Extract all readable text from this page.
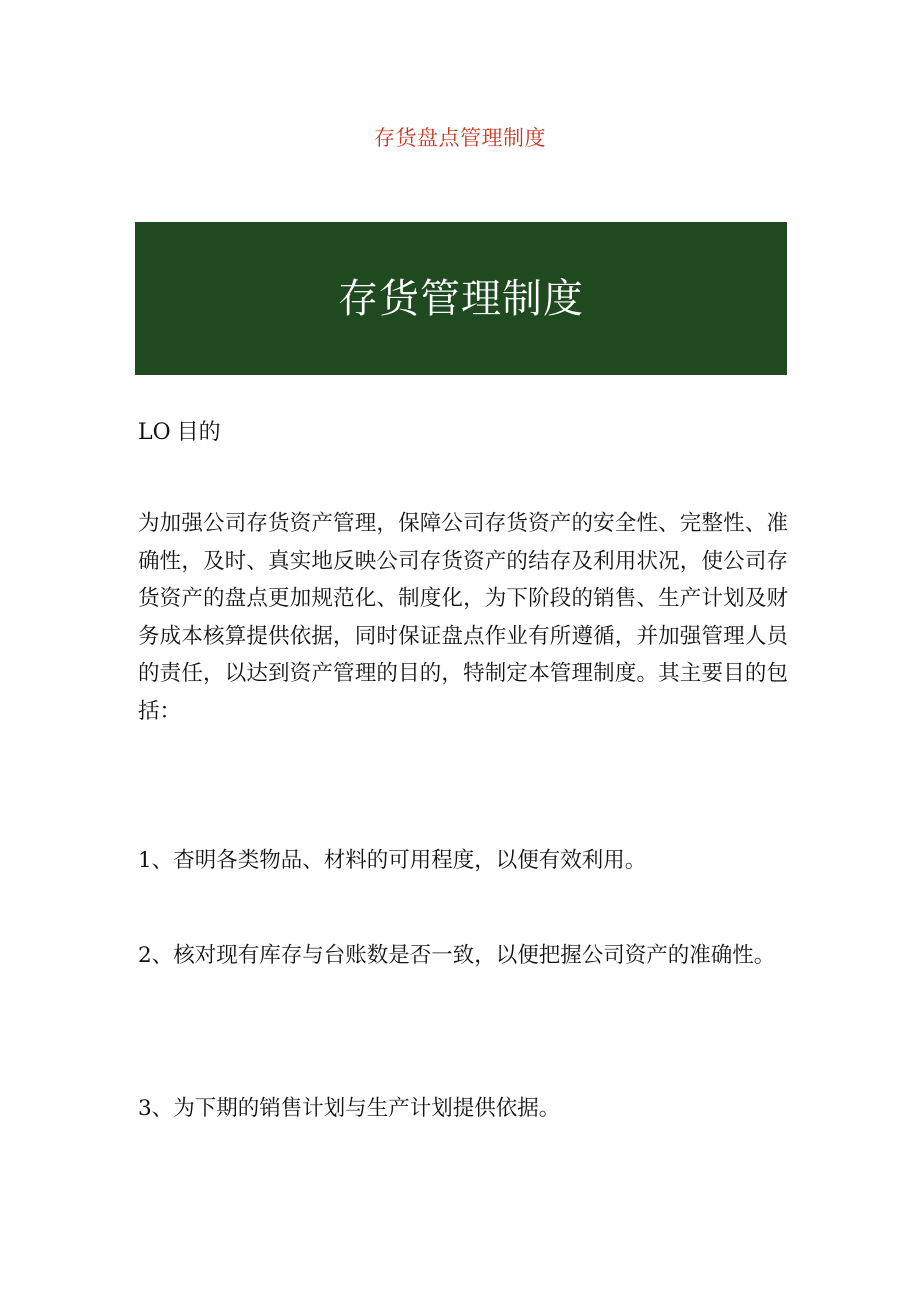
存货盘点管理制度
存货管理制度
LO 目的

为加强公司存货资产管理，保障公司存货资产的安全性、完整性、准确性，及时、真实地反映公司存货资产的结存及利用状况，使公司存货资产的盘点更加规范化、制度化，为下阶段的销售、生产计划及财务成本核算提供依据，同时保证盘点作业有所遵循，并加强管理人员的责任，以达到资产管理的目的，特制定本管理制度。其主要目的包括：

1、杳明各类物品、材料的可用程度，以便有效利用。

2、核对现有库存与台账数是否一致，以便把握公司资产的准确性。

3、为下期的销售计划与生产计划提供依据。
